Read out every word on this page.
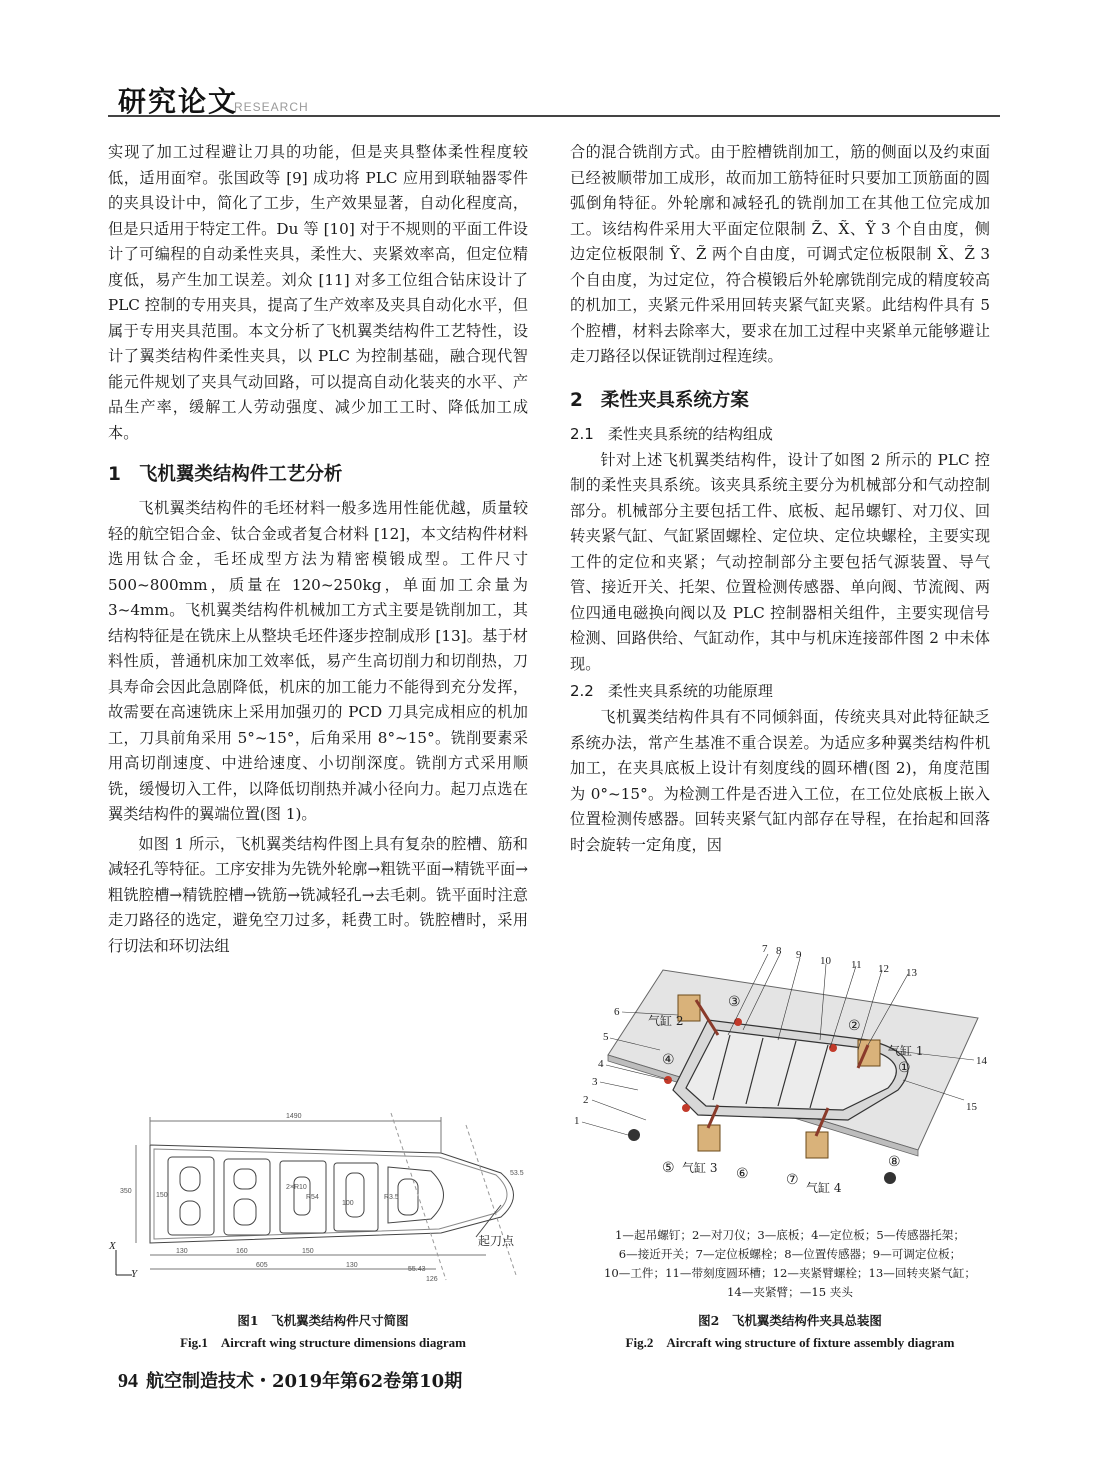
研究论文
RESEARCH

实现了加工过程避让刀具的功能，但是夹具整体柔性程度较低，适用面窄。张国政等 [9] 成功将 PLC 应用到联轴器零件的夹具设计中，简化了工步，生产效果显著，自动化程度高，但是只适用于特定工件。Du 等 [10] 对于不规则的平面工件设计了可编程的自动柔性夹具，柔性大、夹紧效率高，但定位精度低，易产生加工误差。刘众 [11] 对多工位组合钻床设计了 PLC 控制的专用夹具，提高了生产效率及夹具自动化水平，但属于专用夹具范围。本文分析了飞机翼类结构件工艺特性，设计了翼类结构件柔性夹具，以 PLC 为控制基础，融合现代智能元件规划了夹具气动回路，可以提高自动化装夹的水平、产品生产率，缓解工人劳动强度、减少加工工时、降低加工成本。

1 飞机翼类结构件工艺分析

飞机翼类结构件的毛坯材料一般多选用性能优越，质量较轻的航空铝合金、钛合金或者复合材料 [12]，本文结构件材料选用钛合金，毛坯成型方法为精密模锻成型。工件尺寸 500~800mm，质量在 120~250kg，单面加工余量为 3~4mm。飞机翼类结构件机械加工方式主要是铣削加工，其结构特征是在铣床上从整块毛坯件逐步控制成形 [13]。基于材料性质，普通机床加工效率低，易产生高切削力和切削热，刀具寿命会因此急剧降低，机床的加工能力不能得到充分发挥，故需要在高速铣床上采用加强刃的 PCD 刀具完成相应的机加工，刀具前角采用 5°~15°，后角采用 8°~15°。铣削要素采用高切削速度、中进给速度、小切削深度。铣削方式采用顺铣，缓慢切入工件，以降低切削热并减小径向力。起刀点选在翼类结构件的翼端位置(图 1)。

如图 1 所示，飞机翼类结构件图上具有复杂的腔槽、筋和减轻孔等特征。工序安排为先铣外轮廓→粗铣平面→精铣平面→粗铣腔槽→精铣腔槽→铣筋→铣减轻孔→去毛刺。铣平面时注意走刀路径的选定，避免空刀过多，耗费工时。铣腔槽时，采用行切法和环切法组

合的混合铣削方式。由于腔槽铣削加工，筋的侧面以及约束面已经被顺带加工成形，故而加工筋特征时只要加工顶筋面的圆弧倒角特征。外轮廓和减轻孔的铣削加工在其他工位完成加工。该结构件采用大平面定位限制 Z̃、X̃、Ỹ 3 个自由度，侧边定位板限制 Ỹ、Z̃ 两个自由度，可调式定位板限制 X̃、Z̃ 3 个自由度，为过定位，符合模锻后外轮廓铣削完成的精度较高的机加工，夹紧元件采用回转夹紧气缸夹紧。此结构件具有 5 个腔槽，材料去除率大，要求在加工过程中夹紧单元能够避让走刀路径以保证铣削过程连续。

2 柔性夹具系统方案
2.1 柔性夹具系统的结构组成

针对上述飞机翼类结构件，设计了如图 2 所示的 PLC 控制的柔性夹具系统。该夹具系统主要分为机械部分和气动控制部分。机械部分主要包括工件、底板、起吊螺钉、对刀仪、回转夹紧气缸、气缸紧固螺栓、定位块、定位块螺栓，主要实现工件的定位和夹紧；气动控制部分主要包括气源装置、导气管、接近开关、托架、位置检测传感器、单向阀、节流阀、两位四通电磁换向阀以及 PLC 控制器相关组件，主要实现信号检测、回路供给、气缸动作，其中与机床连接部件图 2 中未体现。

2.2 柔性夹具系统的功能原理

飞机翼类结构件具有不同倾斜面，传统夹具对此特征缺乏系统办法，常产生基准不重合误差。为适应多种翼类结构件机加工，在夹具底板上设计有刻度线的圆环槽(图 2)，角度范围为 0°~15°。为检测工件是否进入工位，在工位处底板上嵌入位置检测传感器。回转夹紧气缸内部存在导程，在抬起和回落时会旋转一定角度，因

1490
350
150
160
605
130
130
150
100
R54
2×R10
R3.5
55.43
126
53.5
X
Y
起刀点
图1　飞机翼类结构件尺寸简图
Fig.1　Aircraft wing structure dimensions diagram
1
2
3
4
5
6
7 8 9 10 11 12 13
14
15
气缸 1
气缸 2
气缸 3
气缸 4
①
②
③
④
⑤	⑥	⑦
⑧
1—起吊螺钉；2—对刀仪；3—底板；4—定位板；5—传感器托架；
6—接近开关；7—定位板螺栓；8—位置传感器；9—可调定位板；
10—工件；11—带刻度圆环槽；12—夹紧臂螺栓；13—回转夹紧气缸；
14—夹紧臂；—15 夹头
图2　飞机翼类结构件夹具总装图
Fig.2　Aircraft wing structure of fixture assembly diagram
94 航空制造技术・2019年第62卷第10期
